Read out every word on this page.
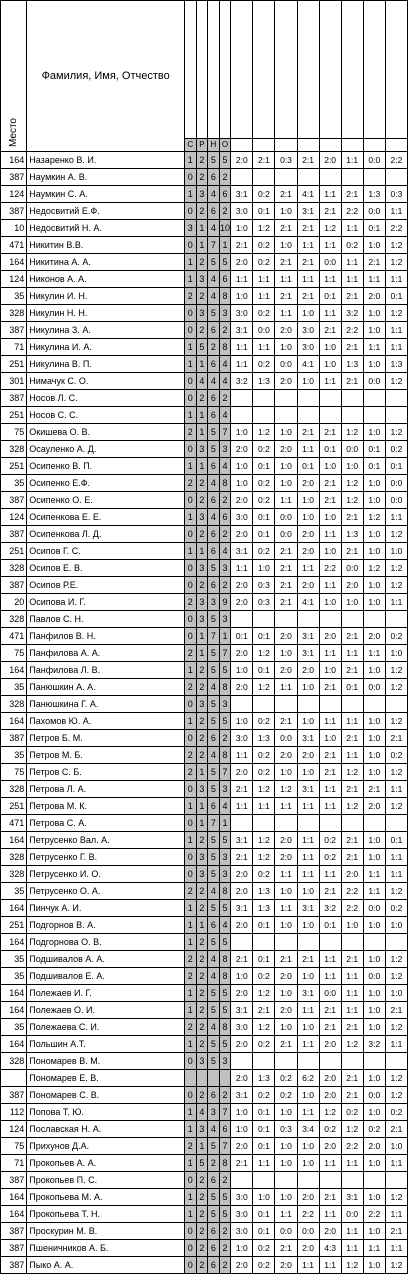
Место	Фамилия, Имя, Отчество					Торпедо-Спартак-Ал.	Уралан-ЦСКА	Зенит-Торпедо-Мет.	Динамо-Черноморец	Шинник-Крылья С.	Спартак-Сатурн	Рубин-Ростов	Ротор-Локомотив
		С	Р	Н	О								
164	Назаренко В. И.	1	2	5	5	2:0	2:1	0:3	2:1	2:0	1:1	0:0	2:2
387	Наумкин А. В.	0	2	6	2								
124	Наумкин С. А.	1	3	4	6	3:1	0:2	2:1	4:1	1:1	2:1	1:3	0:3
387	Недосвитий Е.Ф.	0	2	6	2	3:0	0:1	1:0	3:1	2:1	2:2	0:0	1:1
10	Недосвитий Н. А.	3	1	4	10	1:0	1:2	2:1	2:1	1:2	1:1	0:1	2:2
471	Никитин В.В.	0	1	7	1	2:1	0:2	1:0	1:1	1:1	0:2	1:0	1:2
164	Никитина А. А.	1	2	5	5	2:0	0:2	2:1	2:1	0:0	1:1	2:1	1:2
124	Никонов А. А.	1	3	4	6	1:1	1:1	1:1	1:1	1:1	1:1	1:1	1:1
35	Никулин И. Н.	2	2	4	8	1:0	1:1	2:1	2:1	0:1	2:1	2:0	0:1
328	Никулин Н. Н.	0	3	5	3	3:0	0:2	1:1	1:0	1:1	3:2	1:0	1:2
387	Никулина З. А.	0	2	6	2	3:1	0:0	2:0	3:0	2:1	2:2	1:0	1:1
71	Никулина И. А.	1	5	2	8	1:1	1:1	1:0	3:0	1:0	2:1	1:1	1:1
251	Никулина В. П.	1	1	6	4	1:1	0:2	0:0	4:1	1:0	1:3	1:0	1:3
301	Нимачук С. О.	0	4	4	4	3:2	1:3	2:0	1:0	1:1	2:1	0:0	1:2
387	Носов Л. С.	0	2	6	2								
251	Носов С. С.	1	1	6	4								
75	Окишева О. В.	2	1	5	7	1:0	1:2	1:0	2:1	2:1	1:2	1:0	1:2
328	Осауленко А. Д.	0	3	5	3	2:0	0:2	2:0	1:1	0:1	0:0	0:1	0:2
251	Осипенко В. П.	1	1	6	4	1:0	0:1	1:0	0:1	1:0	1:0	0:1	0:1
35	Осипенко Е.Ф.	2	2	4	8	1:0	0:2	1:0	2:0	2:1	1:2	1:0	0:0
387	Осипенко О. Е.	0	2	6	2	2:0	0:2	1:1	1:0	2:1	1:2	1:0	0:0
124	Осипенкова Е. Е.	1	3	4	6	3:0	0:1	0:0	1:0	1:0	2:1	1:2	1:1
387	Осипенкова Л. Д.	0	2	6	2	2:0	0:1	0:0	2:0	1:1	1:3	1:0	1:2
251	Осипов Г. С.	1	1	6	4	3:1	0:2	2:1	2:0	1:0	2:1	1:0	1:0
328	Осипов Е. В.	0	3	5	3	1:1	1:0	2:1	1:1	2:2	0:0	1:2	1:2
387	Осипов Р.Е.	0	2	6	2	2:0	0:3	2:1	2:0	1:1	2:0	1:0	1:2
20	Осипова И. Г.	2	3	3	9	2:0	0:3	2:1	4:1	1:0	1:0	1:0	1:1
328	Павлов С. Н.	0	3	5	3								
471	Панфилов В. Н.	0	1	7	1	0:1	0:1	2:0	3:1	2:0	2:1	2:0	0:2
75	Панфилова А. А.	2	1	5	7	2:0	1:2	1:0	3:1	1:1	1:1	1:1	1:0
164	Панфилова Л. В.	1	2	5	5	1:0	0:1	2:0	2:0	1:0	2:1	1:0	1:2
35	Панюшкин А. А.	2	2	4	8	2:0	1:2	1:1	1:0	2:1	0:1	0:0	1:2
328	Панюшкина Г. А.	0	3	5	3								
164	Пахомов Ю. А.	1	2	5	5	1:0	0:2	2:1	1:0	1:1	1:1	1:0	1:2
387	Петров Б. М.	0	2	6	2	3:0	1:3	0:0	3:1	1:0	2:1	1:0	2:1
35	Петров М. Б.	2	2	4	8	1:1	0:2	2:0	2:0	2:1	1:1	1:0	0:2
75	Петров С. Б.	2	1	5	7	2:0	0:2	1:0	1:0	2:1	1:2	1:0	1:2
328	Петрова Л. А.	0	3	5	3	2:1	1:2	1:2	3:1	1:1	2:1	2:1	1:1
251	Петрова М. К.	1	1	6	4	1:1	1:1	1:1	1:1	1:1	1:2	2:0	1:2
471	Петрова С. А.	0	1	7	1								
164	Петрусенко Вал. А.	1	2	5	5	3:1	1:2	2:0	1:1	0:2	2:1	1:0	0:1
328	Петрусенко Г. В.	0	3	5	3	2:1	1:2	2:0	1:1	0:2	2:1	1:0	1:1
328	Петрусенко И. О.	0	3	5	3	2:0	0:2	1:1	1:1	1:1	2:0	1:1	1:1
35	Петрусенко О. А.	2	2	4	8	2:0	1:3	1:0	1:0	2:1	2:2	1:1	1:2
164	Пинчук А. И.	1	2	5	5	3:1	1:3	1:1	3:1	3:2	2:2	0:0	0:2
251	Подгорнов В. А.	1	1	6	4	2:0	0:1	1:0	1:0	0:1	1:0	1:0	1:0
164	Подгорнова О. В.	1	2	5	5								
35	Подшивалов А. А.	2	2	4	8	2:1	0:1	2:1	2:1	1:1	2:1	1:0	1:2
35	Подшивалов Е. А.	2	2	4	8	1:0	0:2	2:0	1:0	1:1	1:1	0:0	1:2
164	Полежаев И. Г.	1	2	5	5	2:0	1:2	1:0	3:1	0:0	1:1	1:0	1:0
164	Полежаев О. И.	1	2	5	5	3:1	2:1	2:0	1:1	2:1	1:1	1:0	2:1
35	Полежаева С. И.	2	2	4	8	3:0	1:2	1:0	1:0	2:1	2:1	1:0	1:2
164	Польшин А.Т.	1	2	5	5	2:0	0:2	2:1	1:1	2:0	1:2	3:2	1:1
328	Пономарев В. М.	0	3	5	3								
	Пономарев Е. В.					2:0	1:3	0:2	6:2	2:0	2:1	1:0	1:2
387	Пономарев С. В.	0	2	6	2	3:1	0:2	0:2	1:0	2:0	2:1	0:0	1:2
112	Попова Т. Ю.	1	4	3	7	1:0	0:1	1:0	1:1	1:2	0:2	1:0	0:2
124	Пославская Н. А.	1	3	4	6	1:0	0:1	0:3	3:4	0:2	1:2	0:2	2:1
75	Прихунов Д.А.	2	1	5	7	2:0	0:1	1:0	1:0	2:0	2:2	2:0	1:0
71	Прокопьев А. А.	1	5	2	8	2:1	1:1	1:0	1:0	1:1	1:1	1:0	1:1
387	Прокопьев П. С.	0	2	6	2								
164	Прокопьева М. А.	1	2	5	5	3:0	1:0	1:0	2:0	2:1	3:1	1:0	1:2
164	Прокопьева Т. Н.	1	2	5	5	3:0	0:1	1:1	2:2	1:1	0:0	2:2	1:1
387	Проскурин М. В.	0	2	6	2	3:0	0:1	0:0	0:0	2:0	1:1	1:0	2:1
387	Пшеничников А. Б.	0	2	6	2	1:0	0:2	2:1	2:0	4:3	1:1	1:1	1:1
387	Пыко А. А.	0	2	6	2	2:0	0:2	2:0	1:1	1:1	1:2	1:0	1:2
